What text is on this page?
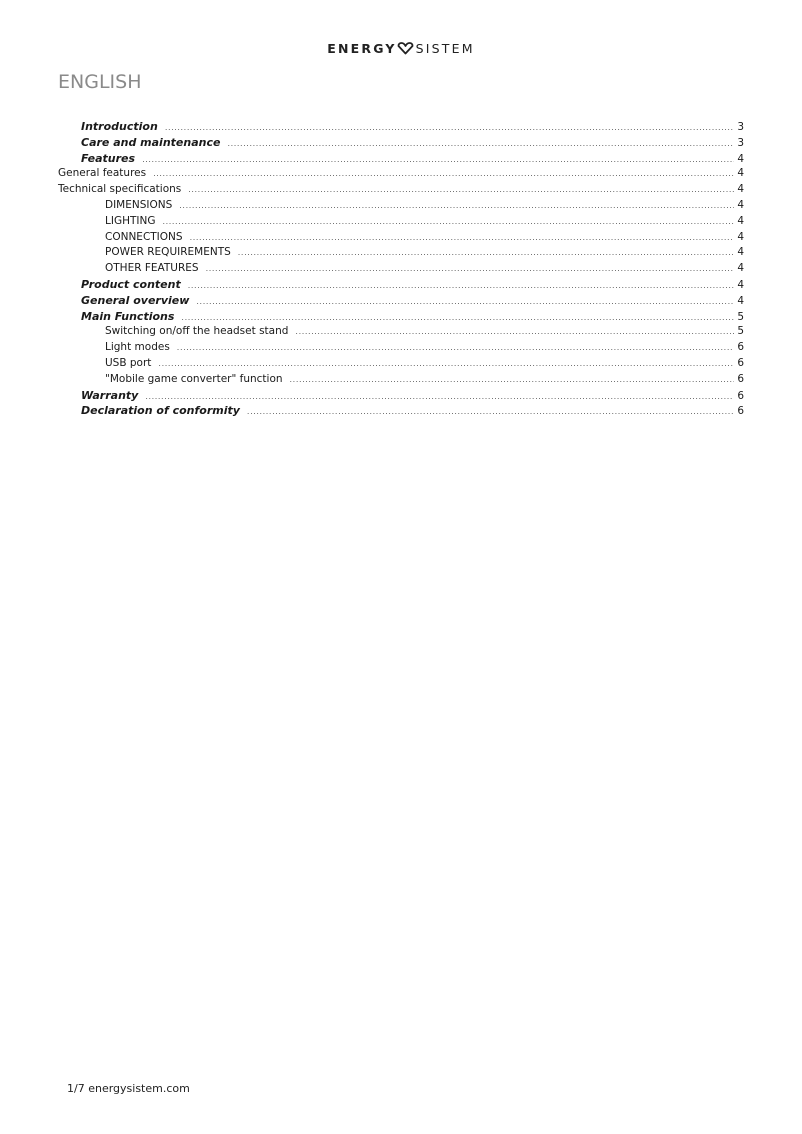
ENERGY SISTEM
ENGLISH
Introduction .....	3
Care and maintenance .....	3
Features .....	4
General features .....	4
Technical specifications .....	4
DIMENSIONS .....	4
LIGHTING .....	4
CONNECTIONS .....	4
POWER REQUIREMENTS .....	4
OTHER FEATURES .....	4
Product content .....	4
General overview .....	4
Main Functions .....	5
Switching on/off the headset stand .....	5
Light modes .....	6
USB port .....	6
"Mobile game converter" function .....	6
Warranty .....	6
Declaration of conformity .....	6
1/7 energysistem.com
